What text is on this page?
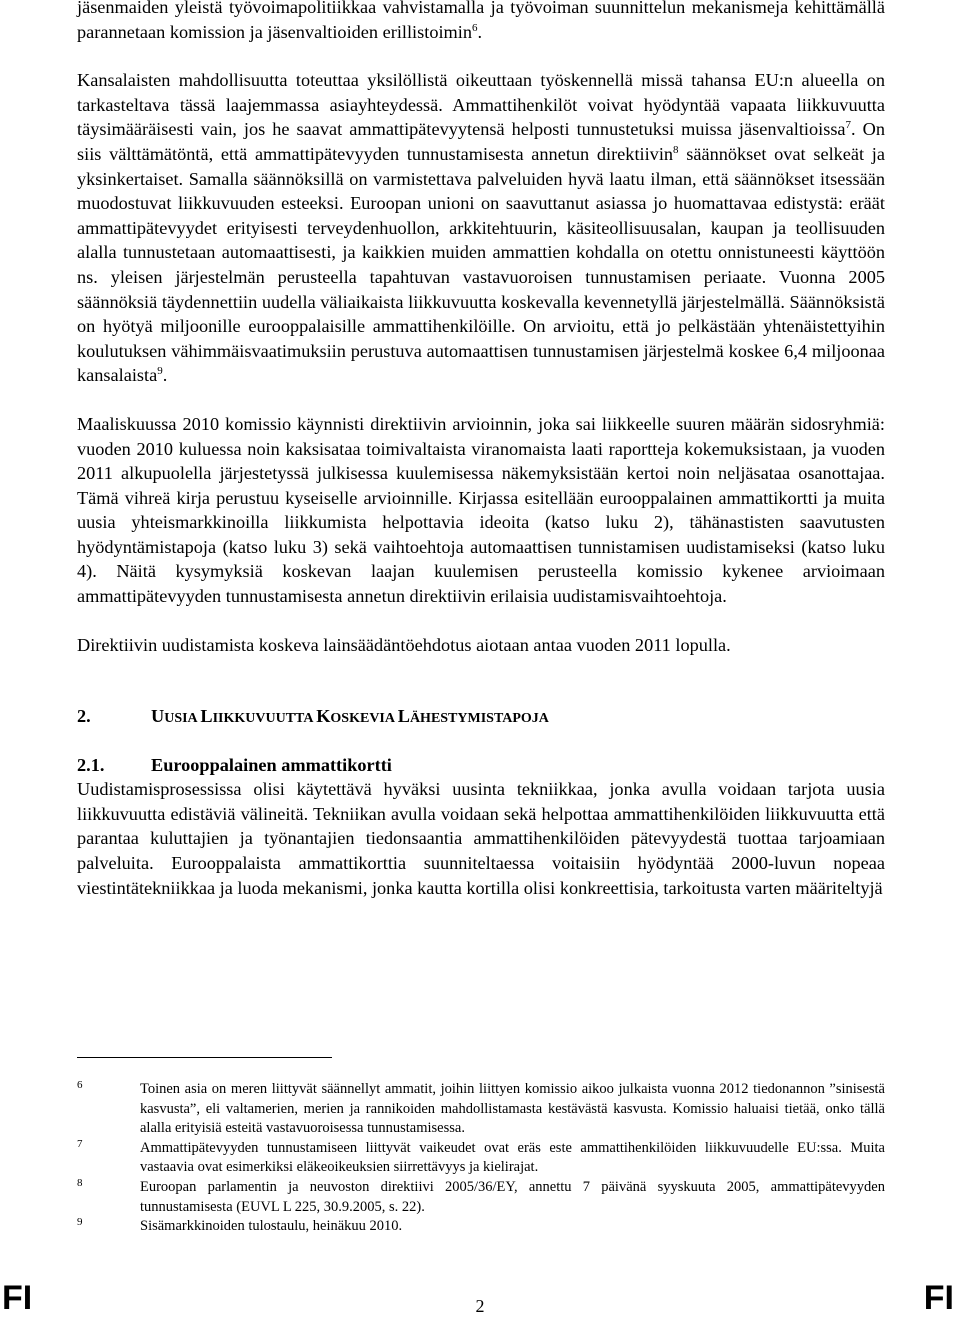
jäsenmaiden yleistä työvoimapolitiikkaa vahvistamalla ja työvoiman suunnittelun mekanismeja kehittämällä parannetaan komission ja jäsenvaltioiden erillistoimin$^6$.

Kansalaisten mahdollisuutta toteuttaa yksilöllistä oikeuttaan työskennellä missä tahansa EU:n alueella on tarkasteltava tässä laajemmassa asiayhteydessä. Ammattihenkilöt voivat hyödyntää vapaata liikkuvuutta täysimääräisesti vain, jos he saavat ammattipätevyytensä helposti tunnustetuksi muissa jäsenvaltioissa$^7$. On siis välttämätöntä, että ammattipätevyyden tunnustamisesta annetun direktiivin$^8$ säännökset ovat selkeät ja yksinkertaiset. Samalla säännöksillä on varmistettava palveluiden hyvä laatu ilman, että säännökset itsessään muodostuvat liikkuvuuden esteeksi. Euroopan unioni on saavuttanut asiassa jo huomattavaa edistystä: eräät ammattipätevyydet erityisesti terveydenhuollon, arkkitehtuurin, käsiteollisuusalan, kaupan ja teollisuuden alalla tunnustetaan automaattisesti, ja kaikkien muiden ammattien kohdalla on otettu onnistuneesti käyttöön ns. yleisen järjestelmän perusteella tapahtuvan vastavuoroisen tunnustamisen periaate. Vuonna 2005 säännöksiä täydennettiin uudella väliaikaista liikkuvuutta koskevalla kevennetyllä järjestelmällä. Säännöksistä on hyötyä miljoonille eurooppalaisille ammattihenkilöille. On arvioitu, että jo pelkästään yhtenäistettyihin koulutuksen vähimmäisvaatimuksiin perustuva automaattisen tunnustamisen järjestelmä koskee 6,4 miljoonaa kansalaista$^9$.

Maaliskuussa 2010 komissio käynnisti direktiivin arvioinnin, joka sai liikkeelle suuren määrän sidosryhmiä: vuoden 2010 kuluessa noin kaksisataa toimivaltaista viranomaista laati raportteja kokemuksistaan, ja vuoden 2011 alkupuolella järjestetyssä julkisessa kuulemisessa näkemyksistään kertoi noin neljäsataa osanottajaa. Tämä vihreä kirja perustuu kyseiselle arvioinnille. Kirjassa esitellään eurooppalainen ammattikortti ja muita uusia yhteismarkkinoilla liikkumista helpottavia ideoita (katso luku 2), tähänastisten saavutusten hyödyntämistapoja (katso luku 3) sekä vaihtoehtoja automaattisen tunnistamisen uudistamiseksi (katso luku 4). Näitä kysymyksiä koskevan laajan kuulemisen perusteella komissio kykenee arvioimaan ammattipätevyyden tunnustamisesta annetun direktiivin erilaisia uudistamisvaihtoehtoja.

Direktiivin uudistamista koskeva lainsäädäntöehdotus aiotaan antaa vuoden 2011 lopulla.

2.	UUSIA LIIKKUVUUTTA KOSKEVIA LÄHESTYMISTAPOJA
2.1.	Eurooppalainen ammattikortti

Uudistamisprosessissa olisi käytettävä hyväksi uusinta tekniikkaa, jonka avulla voidaan tarjota uusia liikkuvuutta edistäviä välineitä. Tekniikan avulla voidaan sekä helpottaa ammattihenkilöiden liikkuvuutta että parantaa kuluttajien ja työnantajien tiedonsaantia ammattihenkilöiden pätevyydestä tuottaa tarjoamiaan palveluita. Eurooppalaista ammattikorttia suunniteltaessa voitaisiin hyödyntää 2000-luvun nopeaa viestintätekniikkaa ja luoda mekanismi, jonka kautta kortilla olisi konkreettisia, tarkoitusta varten määriteltyjä

6	Toinen asia on meren liittyvät säännellyt ammatit, joihin liittyen komissio aikoo julkaista vuonna 2012 tiedonannon ”sinisestä kasvusta”, eli valtamerien, merien ja rannikoiden mahdollistamasta kestävästä kasvusta. Komissio haluaisi tietää, onko tällä alalla erityisiä esteitä vastavuoroisessa tunnustamisessa.
7	Ammattipätevyyden tunnustamiseen liittyvät vaikeudet ovat eräs este ammattihenkilöiden liikkuvuudelle EU:ssa. Muita vastaavia ovat esimerkiksi eläkeoikeuksien siirrettävyys ja kielirajat.
8	Euroopan parlamentin ja neuvoston direktiivi 2005/36/EY, annettu 7 päivänä syyskuuta 2005, ammattipätevyyden tunnustamisesta (EUVL L 225, 30.9.2005, s. 22).
9	Sisämarkkinoiden tulostaulu, heinäkuu 2010.
FI	2	FI
